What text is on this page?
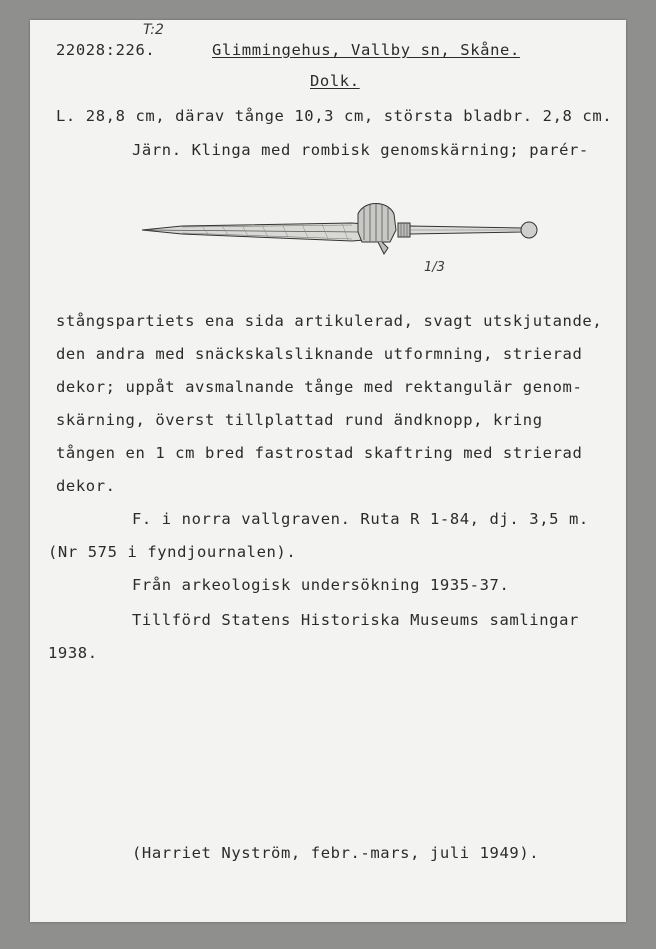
T:2
22028:226.	Glimmingehus, Vallby sn, Skåne.
Dolk.
L. 28,8 cm, därav tånge 10,3 cm, största bladbr. 2,8 cm.
Järn. Klinga med rombisk genomskärning; parér-
1/3
stångspartiets ena sida artikulerad, svagt utskjutande,
den andra med snäckskalsliknande utformning, strierad
dekor; uppåt avsmalnande tånge med rektangulär genom-
skärning, överst tillplattad rund ändknopp, kring
tången en 1 cm bred fastrostad skaftring med strierad
dekor.
F. i norra vallgraven. Ruta R 1-84, dj. 3,5 m.
(Nr 575 i fyndjournalen).
Från arkeologisk undersökning 1935-37.
Tillförd Statens Historiska Museums samlingar
1938.
(Harriet Nyström, febr.-mars, juli 1949).
